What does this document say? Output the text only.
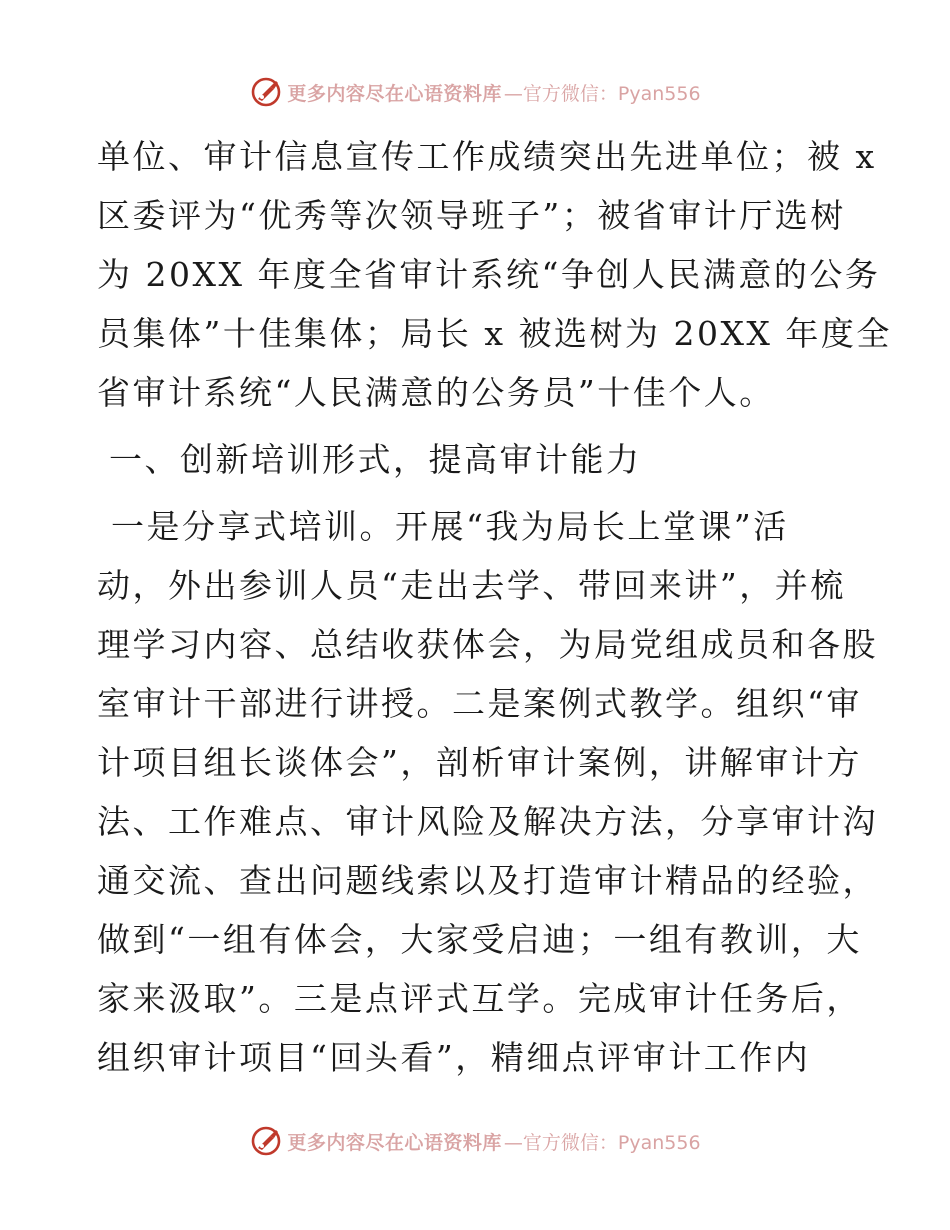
更多内容尽在心语资料库 —官方微信：Pyan556
单位、审计信息宣传工作成绩突出先进单位；被 x
区委评为“优秀等次领导班子”；被省审计厅选树
为 20XX 年度全省审计系统“争创人民满意的公务
员集体”十佳集体；局长 x 被选树为 20XX 年度全
省审计系统“人民满意的公务员”十佳个人。
一、创新培训形式，提高审计能力
一是分享式培训。开展“我为局长上堂课”活
动，外出参训人员“走出去学、带回来讲”，并梳
理学习内容、总结收获体会，为局党组成员和各股
室审计干部进行讲授。二是案例式教学。组织“审
计项目组长谈体会”，剖析审计案例，讲解审计方
法、工作难点、审计风险及解决方法，分享审计沟
通交流、查出问题线索以及打造审计精品的经验，
做到“一组有体会，大家受启迪；一组有教训，大
家来汲取”。三是点评式互学。完成审计任务后，
组织审计项目“回头看”，精细点评审计工作内
更多内容尽在心语资料库 —官方微信：Pyan556
